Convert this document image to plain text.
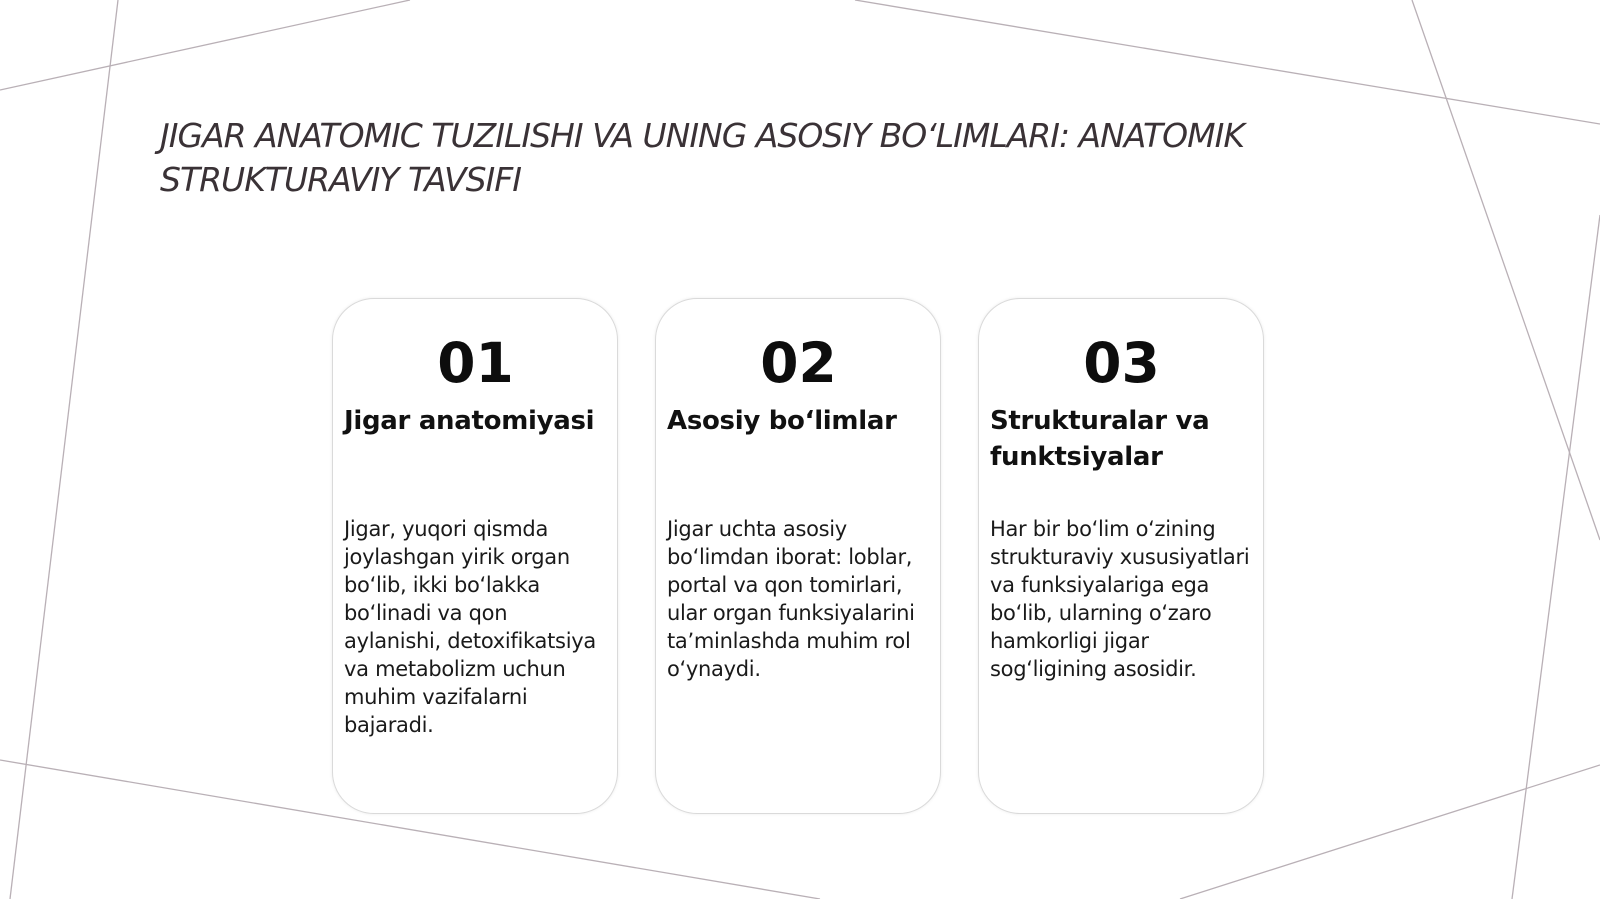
JIGAR ANATOMIC TUZILISHI VA UNING ASOSIY BOʻLIMLARI: ANATOMIK STRUKTURAVIY TAVSIFI
01
Jigar anatomiyasi
Jigar, yuqori qismda joylashgan yirik organ boʻlib, ikki boʻlakka boʻlinadi va qon aylanishi, detoxifikatsiya va metabolizm uchun muhim vazifalarni bajaradi.
02
Asosiy boʻlimlar
Jigar uchta asosiy boʻlimdan iborat: loblar, portal va qon tomirlari, ular organ funksiyalarini taʼminlashda muhim rol oʻynaydi.
03
Strukturalar va funktsiyalar
Har bir boʻlim oʻzining strukturaviy xususiyatlari va funksiyalariga ega boʻlib, ularning oʻzaro hamkorligi jigar sogʻligining asosidir.
